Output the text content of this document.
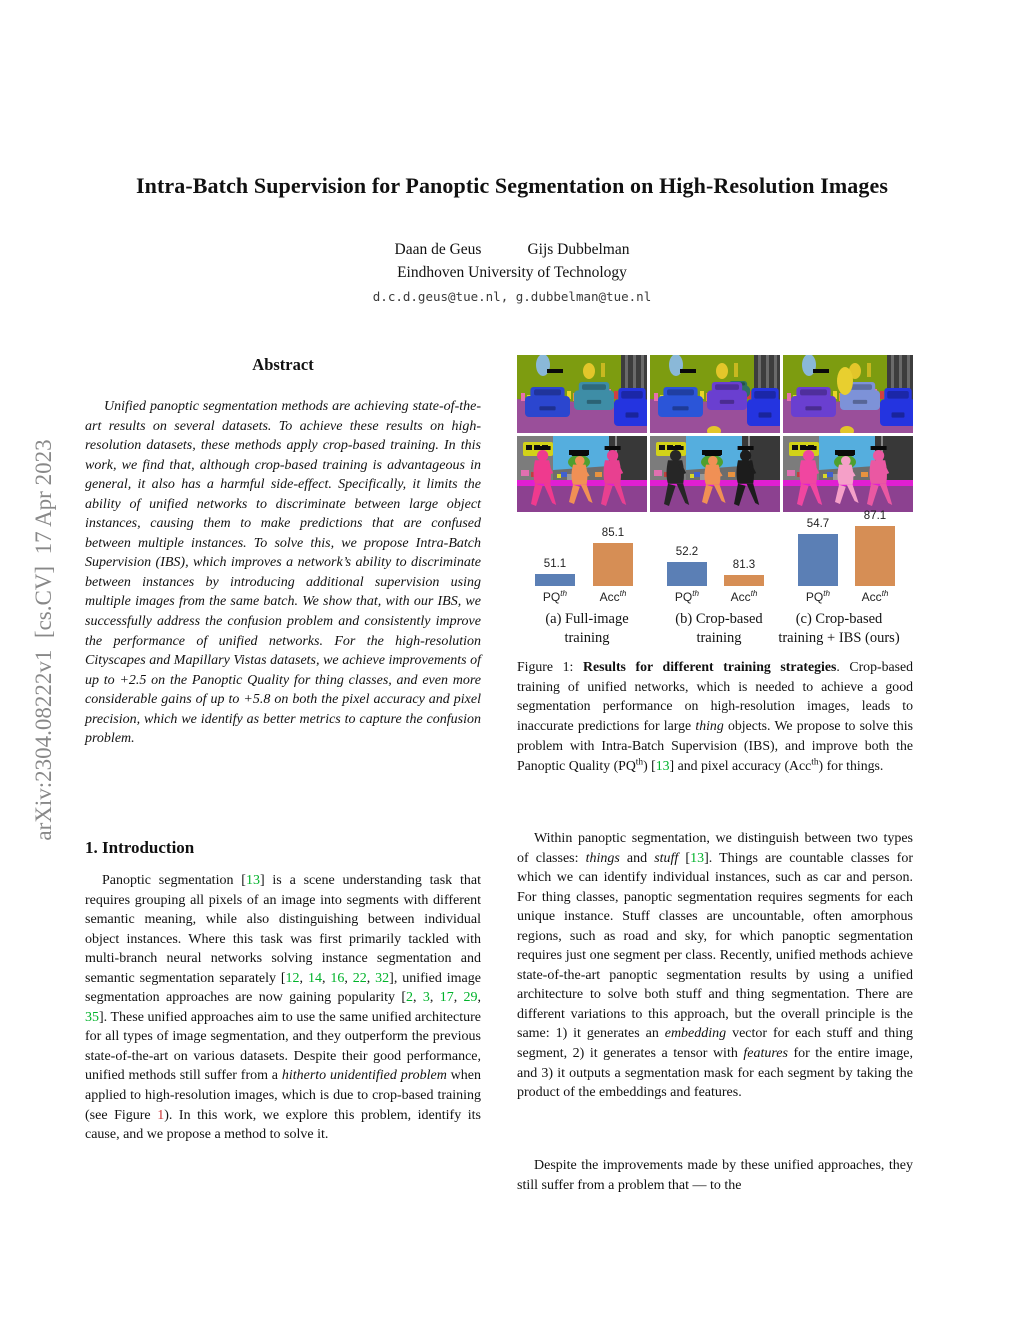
arXiv:2304.08222v1  [cs.CV]  17 Apr 2023
Intra-Batch Supervision for Panoptic Segmentation on High-Resolution Images
Daan de Geus	Gijs Dubbelman
Eindhoven University of Technology
d.c.d.geus@tue.nl, g.dubbelman@tue.nl
Abstract
Unified panoptic segmentation methods are achieving state-of-the-art results on several datasets. To achieve these results on high-resolution datasets, these methods apply crop-based training. In this work, we find that, although crop-based training is advantageous in general, it also has a harmful side-effect. Specifically, it limits the ability of unified networks to discriminate between large object instances, causing them to make predictions that are confused between multiple instances. To solve this, we propose Intra-Batch Supervision (IBS), which improves a network’s ability to discriminate between instances by introducing additional supervision using multiple images from the same batch. We show that, with our IBS, we successfully address the confusion problem and consistently improve the performance of unified networks. For the high-resolution Cityscapes and Mapillary Vistas datasets, we achieve improvements of up to +2.5 on the Panoptic Quality for thing classes, and even more considerable gains of up to +5.8 on both the pixel accuracy and pixel precision, which we identify as better metrics to capture the confusion problem.
1. Introduction
Panoptic segmentation [13] is a scene understanding task that requires grouping all pixels of an image into segments with different semantic meaning, while also distinguishing between individual object instances. Where this task was first primarily tackled with multi-branch neural networks solving instance segmentation and semantic segmentation separately [12, 14, 16, 22, 32], unified image segmentation approaches are now gaining popularity [2, 3, 17, 29, 35]. These unified approaches aim to use the same unified architecture for all types of image segmentation, and they outperform the previous state-of-the-art on various datasets. Despite their good performance, unified methods still suffer from a hitherto unidentified problem when applied to high-resolution images, which is due to crop-based training (see Figure 1). In this work, we explore this problem, identify its cause, and we propose a method to solve it.
51.1
$PQ^{th}$
85.1
Acc$^{th}$
52.2
$PQ^{th}$
81.3
Acc$^{th}$
54.7
$PQ^{th}$
87.1
Acc$^{th}$
(a) Full-image
training
(b) Crop-based
training
(c) Crop-based
training + IBS (ours)
Figure 1: Results for different training strategies. Crop-based training of unified networks, which is needed to achieve a good segmentation performance on high-resolution images, leads to inaccurate predictions for large thing objects. We propose to solve this problem with Intra-Batch Supervision (IBS), and improve both the Panoptic Quality $(PQ^{th})$ [13] and pixel accuracy (Acc$^{th}$) for things.
Within panoptic segmentation, we distinguish between two types of classes: things and stuff [13]. Things are countable classes for which we can identify individual instances, such as car and person. For thing classes, panoptic segmentation requires segments for each unique instance. Stuff classes are uncountable, often amorphous regions, such as road and sky, for which panoptic segmentation requires just one segment per class. Recently, unified methods achieve state-of-the-art panoptic segmentation results by using a unified architecture to solve both stuff and thing segmentation. There are different variations to this approach, but the overall principle is the same: 1) it generates an embedding vector for each stuff and thing segment, 2) it generates a tensor with features for the entire image, and 3) it outputs a segmentation mask for each segment by taking the product of the embeddings and features.
Despite the improvements made by these unified approaches, they still suffer from a problem that — to the
